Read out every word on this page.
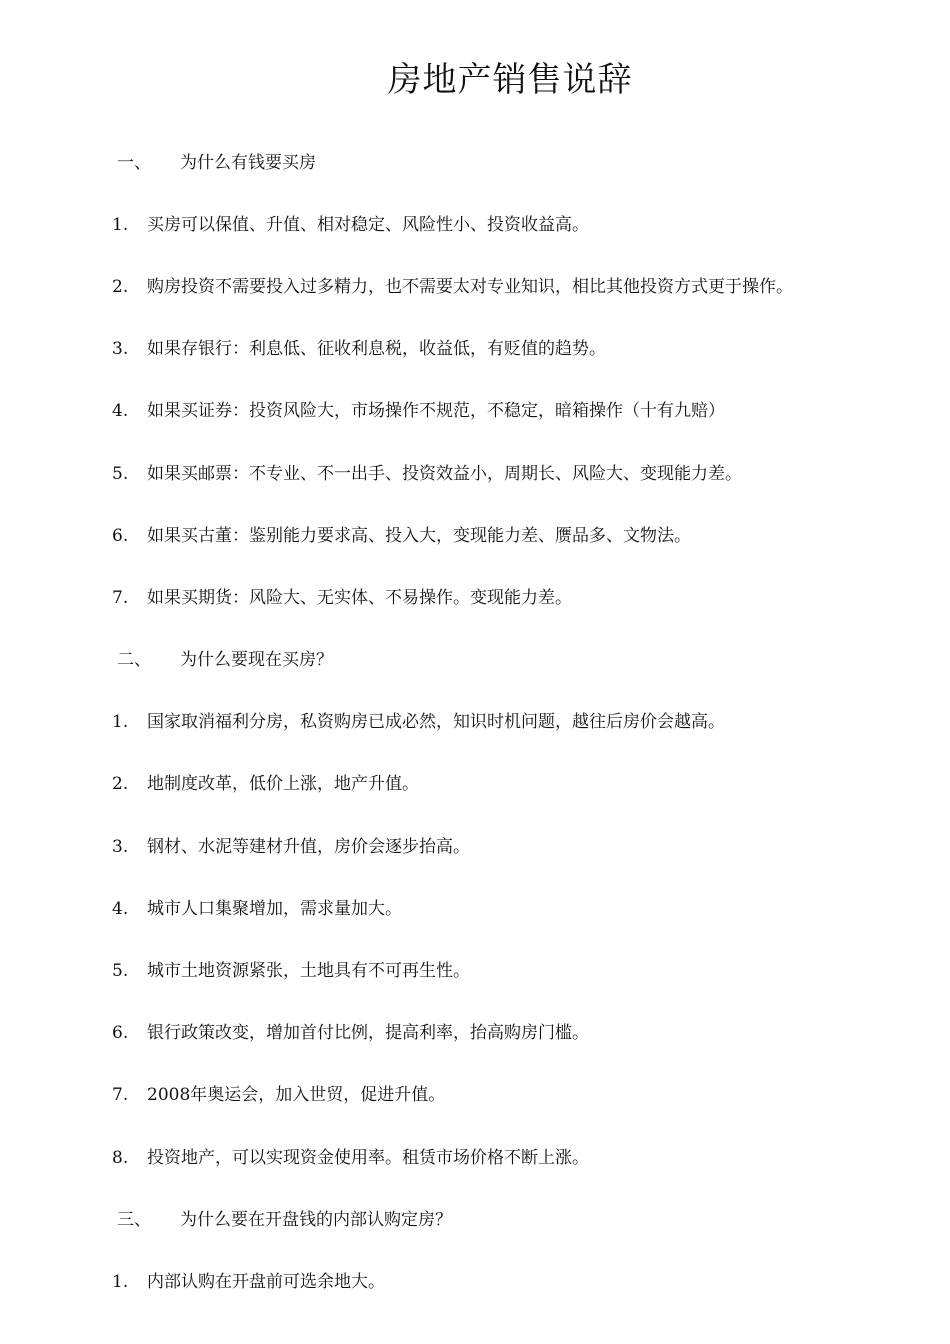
房地产销售说辞
一、 为什么有钱要买房
1. 买房可以保值、升值、相对稳定、风险性小、投资收益高。
2. 购房投资不需要投入过多精力，也不需要太对专业知识，相比其他投资方式更于操作。
3. 如果存银行：利息低、征收利息税，收益低，有贬值的趋势。
4. 如果买证券：投资风险大，市场操作不规范，不稳定，暗箱操作（十有九赔）
5. 如果买邮票：不专业、不一出手、投资效益小，周期长、风险大、变现能力差。
6. 如果买古董：鉴别能力要求高、投入大，变现能力差、赝品多、文物法。
7. 如果买期货：风险大、无实体、不易操作。变现能力差。
二、 为什么要现在买房？
1. 国家取消福利分房，私资购房已成必然，知识时机问题，越往后房价会越高。
2. 地制度改革，低价上涨，地产升值。
3. 钢材、水泥等建材升值，房价会逐步抬高。
4. 城市人口集聚增加，需求量加大。
5. 城市土地资源紧张，土地具有不可再生性。
6. 银行政策改变，增加首付比例，提高利率，抬高购房门槛。
7. 2008年奥运会，加入世贸，促进升值。
8. 投资地产，可以实现资金使用率。租赁市场价格不断上涨。
三、 为什么要在开盘钱的内部认购定房？
1. 内部认购在开盘前可选余地大。
